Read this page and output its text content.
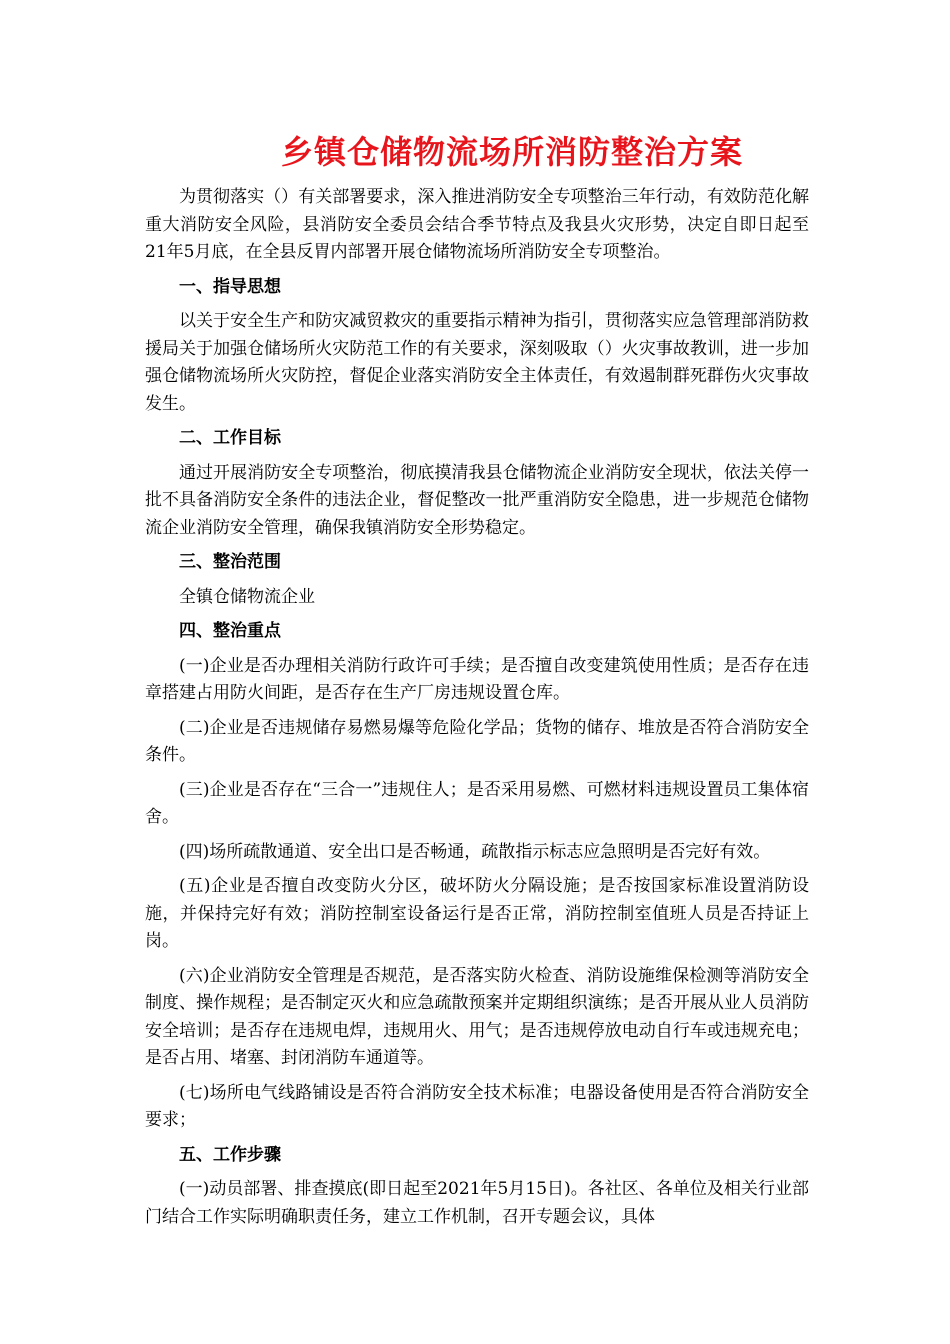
乡镇仓储物流场所消防整治方案

为贯彻落实（）有关部署要求，深入推进消防安全专项整治三年行动，有效防范化解重大消防安全风险，县消防安全委员会结合季节特点及我县火灾形势，决定自即日起至21年5月底，在全县反胃内部署开展仓储物流场所消防安全专项整治。

一、指导思想

以关于安全生产和防灾减贸救灾的重要指示精神为指引，贯彻落实应急管理部消防救援局关于加强仓储场所火灾防范工作的有关要求，深刻吸取（）火灾事故教训，进一步加强仓储物流场所火灾防控，督促企业落实消防安全主体责任，有效遏制群死群伤火灾事故发生。

二、工作目标

通过开展消防安全专项整治，彻底摸清我县仓储物流企业消防安全现状，依法关停一批不具备消防安全条件的违法企业，督促整改一批严重消防安全隐患，进一步规范仓储物流企业消防安全管理，确保我镇消防安全形势稳定。

三、整治范围

全镇仓储物流企业

四、整治重点

(一)企业是否办理相关消防行政许可手续；是否擅自改变建筑使用性质；是否存在违章搭建占用防火间距，是否存在生产厂房违规设置仓库。

(二)企业是否违规储存易燃易爆等危险化学品；货物的储存、堆放是否符合消防安全条件。

(三)企业是否存在“三合一”违规住人；是否采用易燃、可燃材料违规设置员工集体宿舍。

(四)场所疏散通道、安全出口是否畅通，疏散指示标志应急照明是否完好有效。

(五)企业是否擅自改变防火分区，破坏防火分隔设施；是否按国家标准设置消防设施，并保持完好有效；消防控制室设备运行是否正常，消防控制室值班人员是否持证上岗。

(六)企业消防安全管理是否规范，是否落实防火检查、消防设施维保检测等消防安全制度、操作规程；是否制定灭火和应急疏散预案并定期组织演练；是否开展从业人员消防安全培训；是否存在违规电焊，违规用火、用气；是否违规停放电动自行车或违规充电；是否占用、堵塞、封闭消防车通道等。

(七)场所电气线路铺设是否符合消防安全技术标准；电器设备使用是否符合消防安全要求；

五、工作步骤

(一)动员部署、排查摸底(即日起至2021年5月15日)。各社区、各单位及相关行业部门结合工作实际明确职责任务，建立工作机制，召开专题会议，具体
